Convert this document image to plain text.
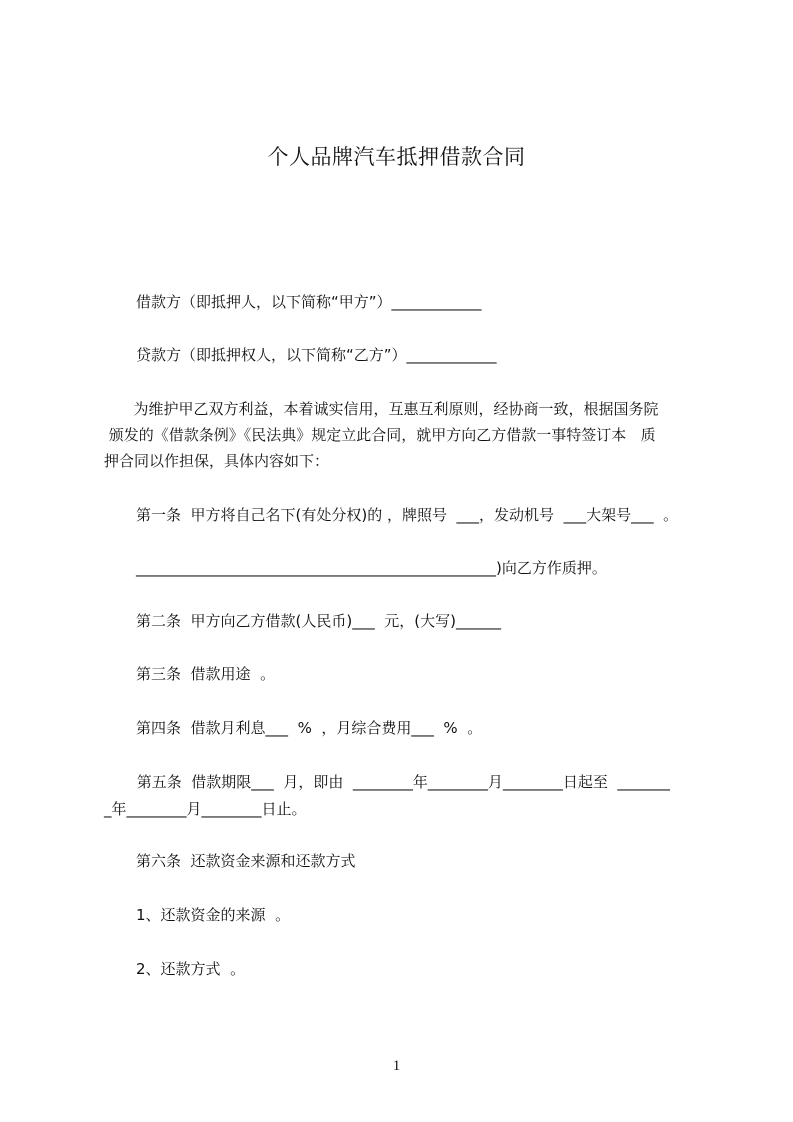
个人品牌汽车抵押借款合同
借款方（即抵押人，以下简称“甲方”）____________
贷款方（即抵押权人，以下简称“乙方”）____________
为维护甲乙双方利益，本着诚实信用，互惠互利原则，经协商一致，根据国务院
颁发的《借款条例》《民法典》规定立此合同，就甲方向乙方借款一事特签订本   质
押合同以作担保，具体内容如下：
第一条  甲方将自己名下(有处分权)的 ，牌照号  ___，发动机号  ___大架号___  。
________________________________________________)向乙方作质押。
第二条  甲方向乙方借款(人民币)___  元，(大写)______
第三条  借款用途  。
第四条  借款月利息___  %  ，月综合费用___  %  。
第五条  借款期限___  月，即由  ________年________月________日起至  _______
_年________月________日止。
第六条  还款资金来源和还款方式
1、还款资金的来源  。
2、还款方式  。
1
